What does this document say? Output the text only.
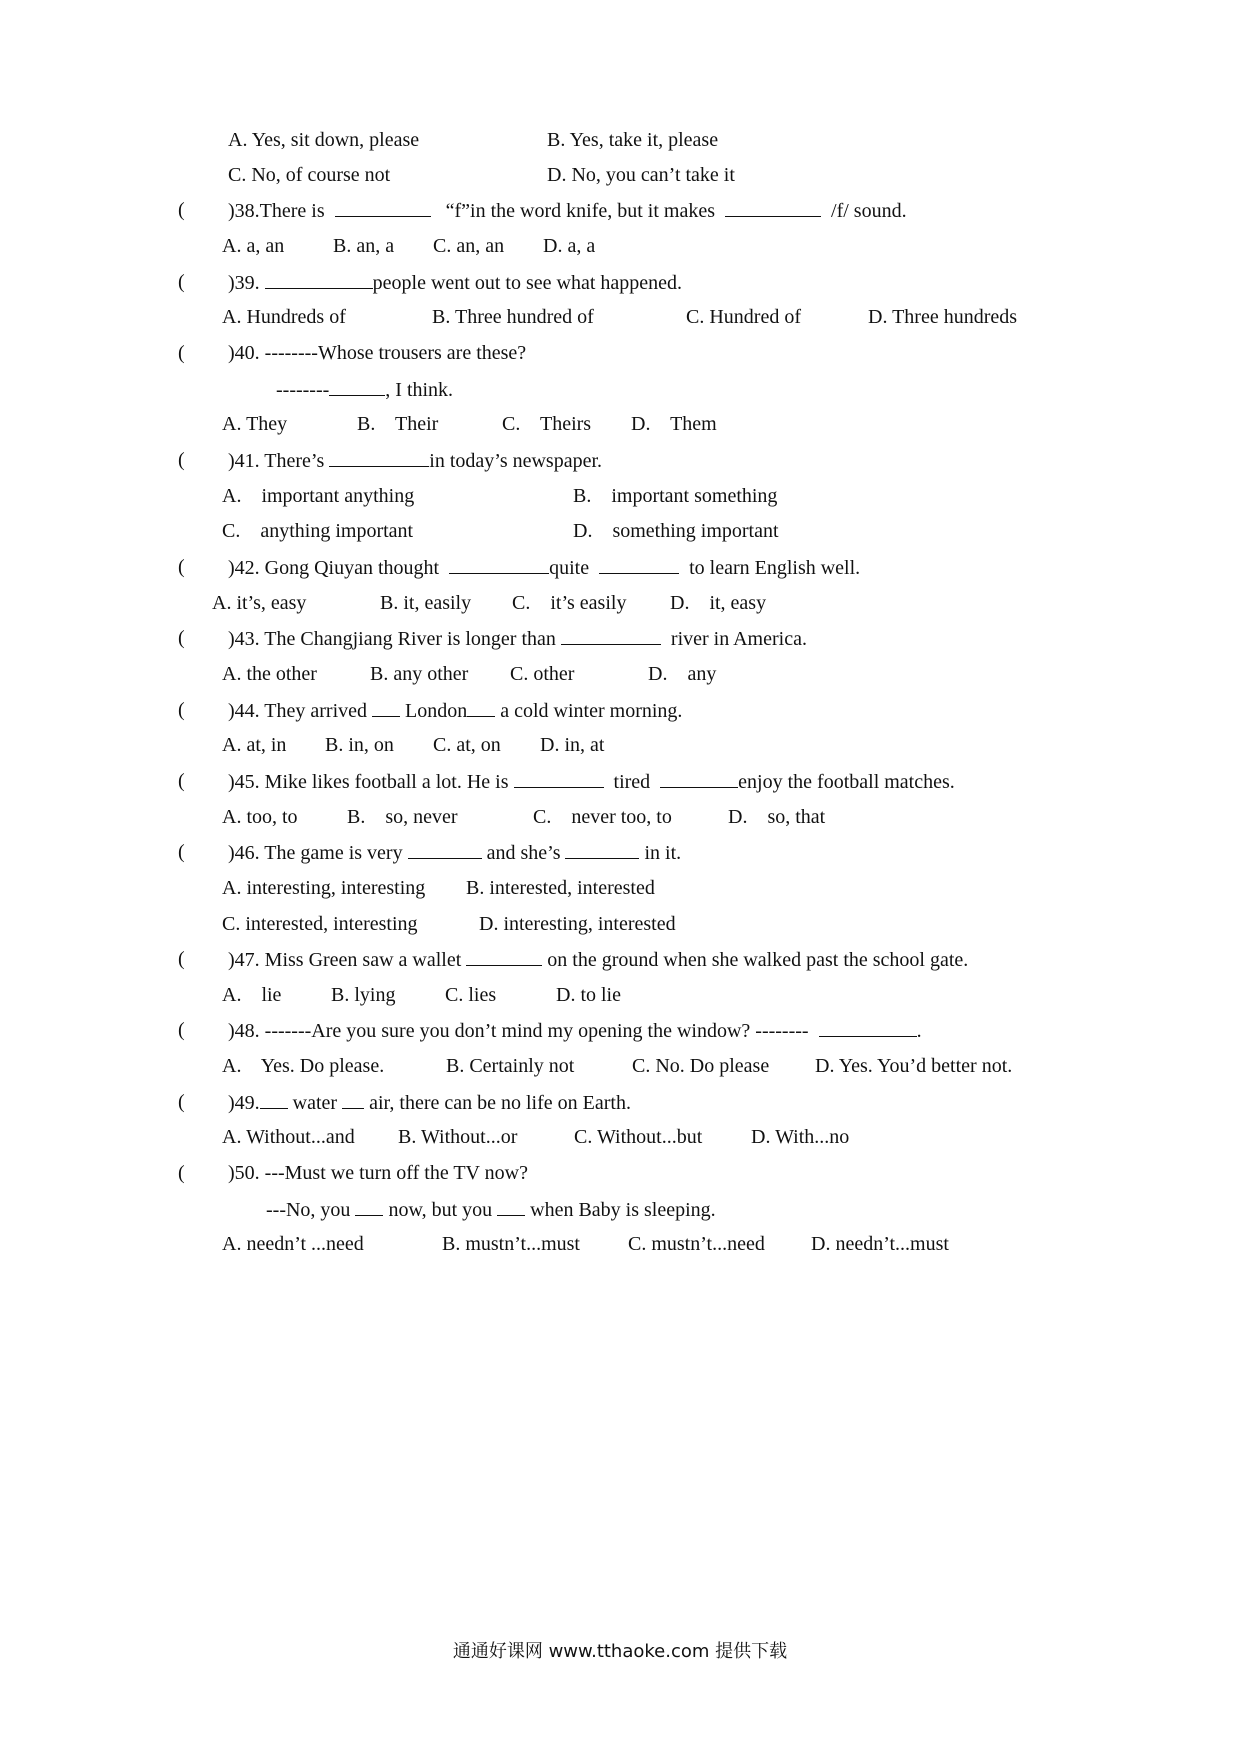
A. Yes, sit down, please	B. Yes, take it, please
C. No, of course not	D. No, you can’t take it
( )38.There is	“f”in the word knife, but it makes	/f/ sound.
A. a, an B. an, a C. an, an D. a, a
( )39.	people went out to see what happened.
A. Hundreds of	B. Three hundred of	C. Hundred of	D. Three hundreds
( )40. --------Whose trousers are these?
--------	, I think.
A. They	B.    Their	C.    Theirs D.    Them
( )41. There’s	in today’s newspaper.
A.    important anything	B.    important something
C.    anything important	D.    something important
( )42. Gong Qiuyan thought	quite	to learn English well.
A. it’s, easy	B. it, easily C.    it’s easily D.    it, easy
( )43. The Changjiang River is longer than	river in America.
A. the other	B. any other C. other	D.    any
( )44. They arrived London a cold winter morning.
A. at, in B. in, on C. at, on D. in, at
( )45. Mike likes football a lot. He is	tired	enjoy the football matches.
A. too, to B.    so, never	C.    never too, to	D.    so, that
( )46. The game is very	and she’s	in it.
A. interesting, interesting B. interested, interested
C. interested, interesting	D. interesting, interested
( )47. Miss Green saw a wallet	on the ground when she walked past the school gate.
A.    lie B. lying C. lies	D. to lie
( )48. -------Are you sure you don’t mind my opening the window? --------	.
A.    Yes. Do please.	B. Certainly not	C. No. Do please D. Yes. You’d better not.
( )49. water air, there can be no life on Earth.
A. Without...and B. Without...or	C. Without...but D. With...no
( )50. ---Must we turn off the TV now?
---No, you now, but you when Baby is sleeping.
A. needn’t ...need	B. mustn’t...must C. mustn’t...need D. needn’t...must
通通好课网 www.tthaoke.com 提供下载
